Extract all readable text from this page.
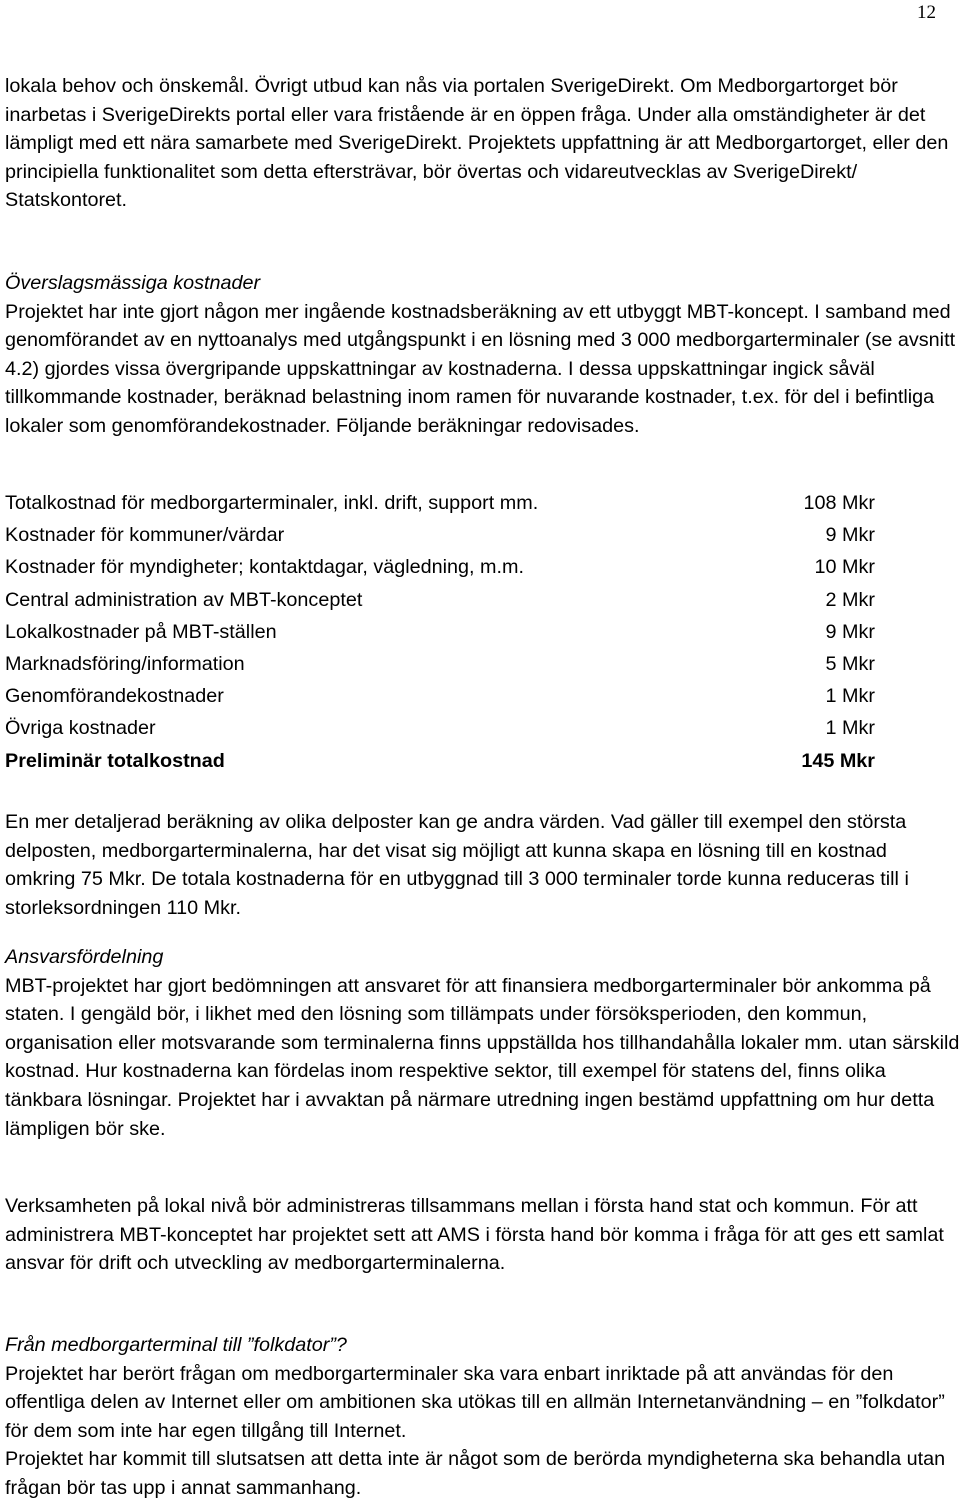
12

lokala behov och önskemål. Övrigt utbud kan nås via portalen SverigeDirekt. Om Medborgartorget bör inarbetas i SverigeDirekts portal eller vara fristående är en öppen fråga. Under alla omständigheter är det lämpligt med ett nära samarbete med SverigeDirekt. Projektets uppfattning är att Medborgartorget, eller den principiella funktionalitet som detta eftersträvar, bör övertas och vidareutvecklas av SverigeDirekt/ Statskontoret.

Överslagsmässiga kostnader

Projektet har inte gjort någon mer ingående kostnadsberäkning av ett utbyggt MBT-koncept. I samband med genomförandet av en nyttoanalys med utgångspunkt i en lösning med 3 000 medborgarterminaler (se avsnitt 4.2) gjordes vissa övergripande uppskattningar av kostnaderna. I dessa uppskattningar ingick såväl tillkommande kostnader, beräknad belastning inom ramen för nuvarande kostnader, t.ex. för del i befintliga lokaler som genomförandekostnader. Följande beräkningar redovisades.

Totalkostnad för medborgarterminaler, inkl. drift, support mm.	108 Mkr
Kostnader för kommuner/värdar	9 Mkr
Kostnader för myndigheter; kontaktdagar, vägledning, m.m.	10 Mkr
Central administration av MBT-konceptet	2 Mkr
Lokalkostnader på MBT-ställen	9 Mkr
Marknadsföring/information	5 Mkr
Genomförandekostnader	1 Mkr
Övriga kostnader	1 Mkr
Preliminär totalkostnad	145 Mkr

En mer detaljerad beräkning av olika delposter kan ge andra värden. Vad gäller till exempel den största delposten, medborgarterminalerna, har det visat sig möjligt att kunna skapa en lösning till en kostnad omkring 75 Mkr. De totala kostnaderna för en utbyggnad till 3 000 terminaler torde kunna reduceras till i storleksordningen 110 Mkr.

Ansvarsfördelning

MBT-projektet har gjort bedömningen att ansvaret för att finansiera medborgarterminaler bör ankomma på staten. I gengäld bör, i likhet med den lösning som tillämpats under försöksperioden, den kommun, organisation eller motsvarande som terminalerna finns uppställda hos tillhandahålla lokaler mm. utan särskild kostnad. Hur kostnaderna kan fördelas inom respektive sektor, till exempel för statens del, finns olika tänkbara lösningar. Projektet har i avvaktan på närmare utredning ingen bestämd uppfattning om hur detta lämpligen bör ske.

Verksamheten på lokal nivå bör administreras tillsammans mellan i första hand stat och kommun. För att administrera MBT-konceptet har projektet sett att AMS i första hand bör komma i fråga för att ges ett samlat ansvar för drift och utveckling av medborgarterminalerna.

Från medborgarterminal till ”folkdator”?

Projektet har berört frågan om medborgarterminaler ska vara enbart inriktade på att användas för den offentliga delen av Internet eller om ambitionen ska utökas till en allmän Internetanvändning – en ”folkdator” för dem som inte har egen tillgång till Internet.

Projektet har kommit till slutsatsen att detta inte är något som de berörda myndigheterna ska behandla utan frågan bör tas upp i annat sammanhang.
